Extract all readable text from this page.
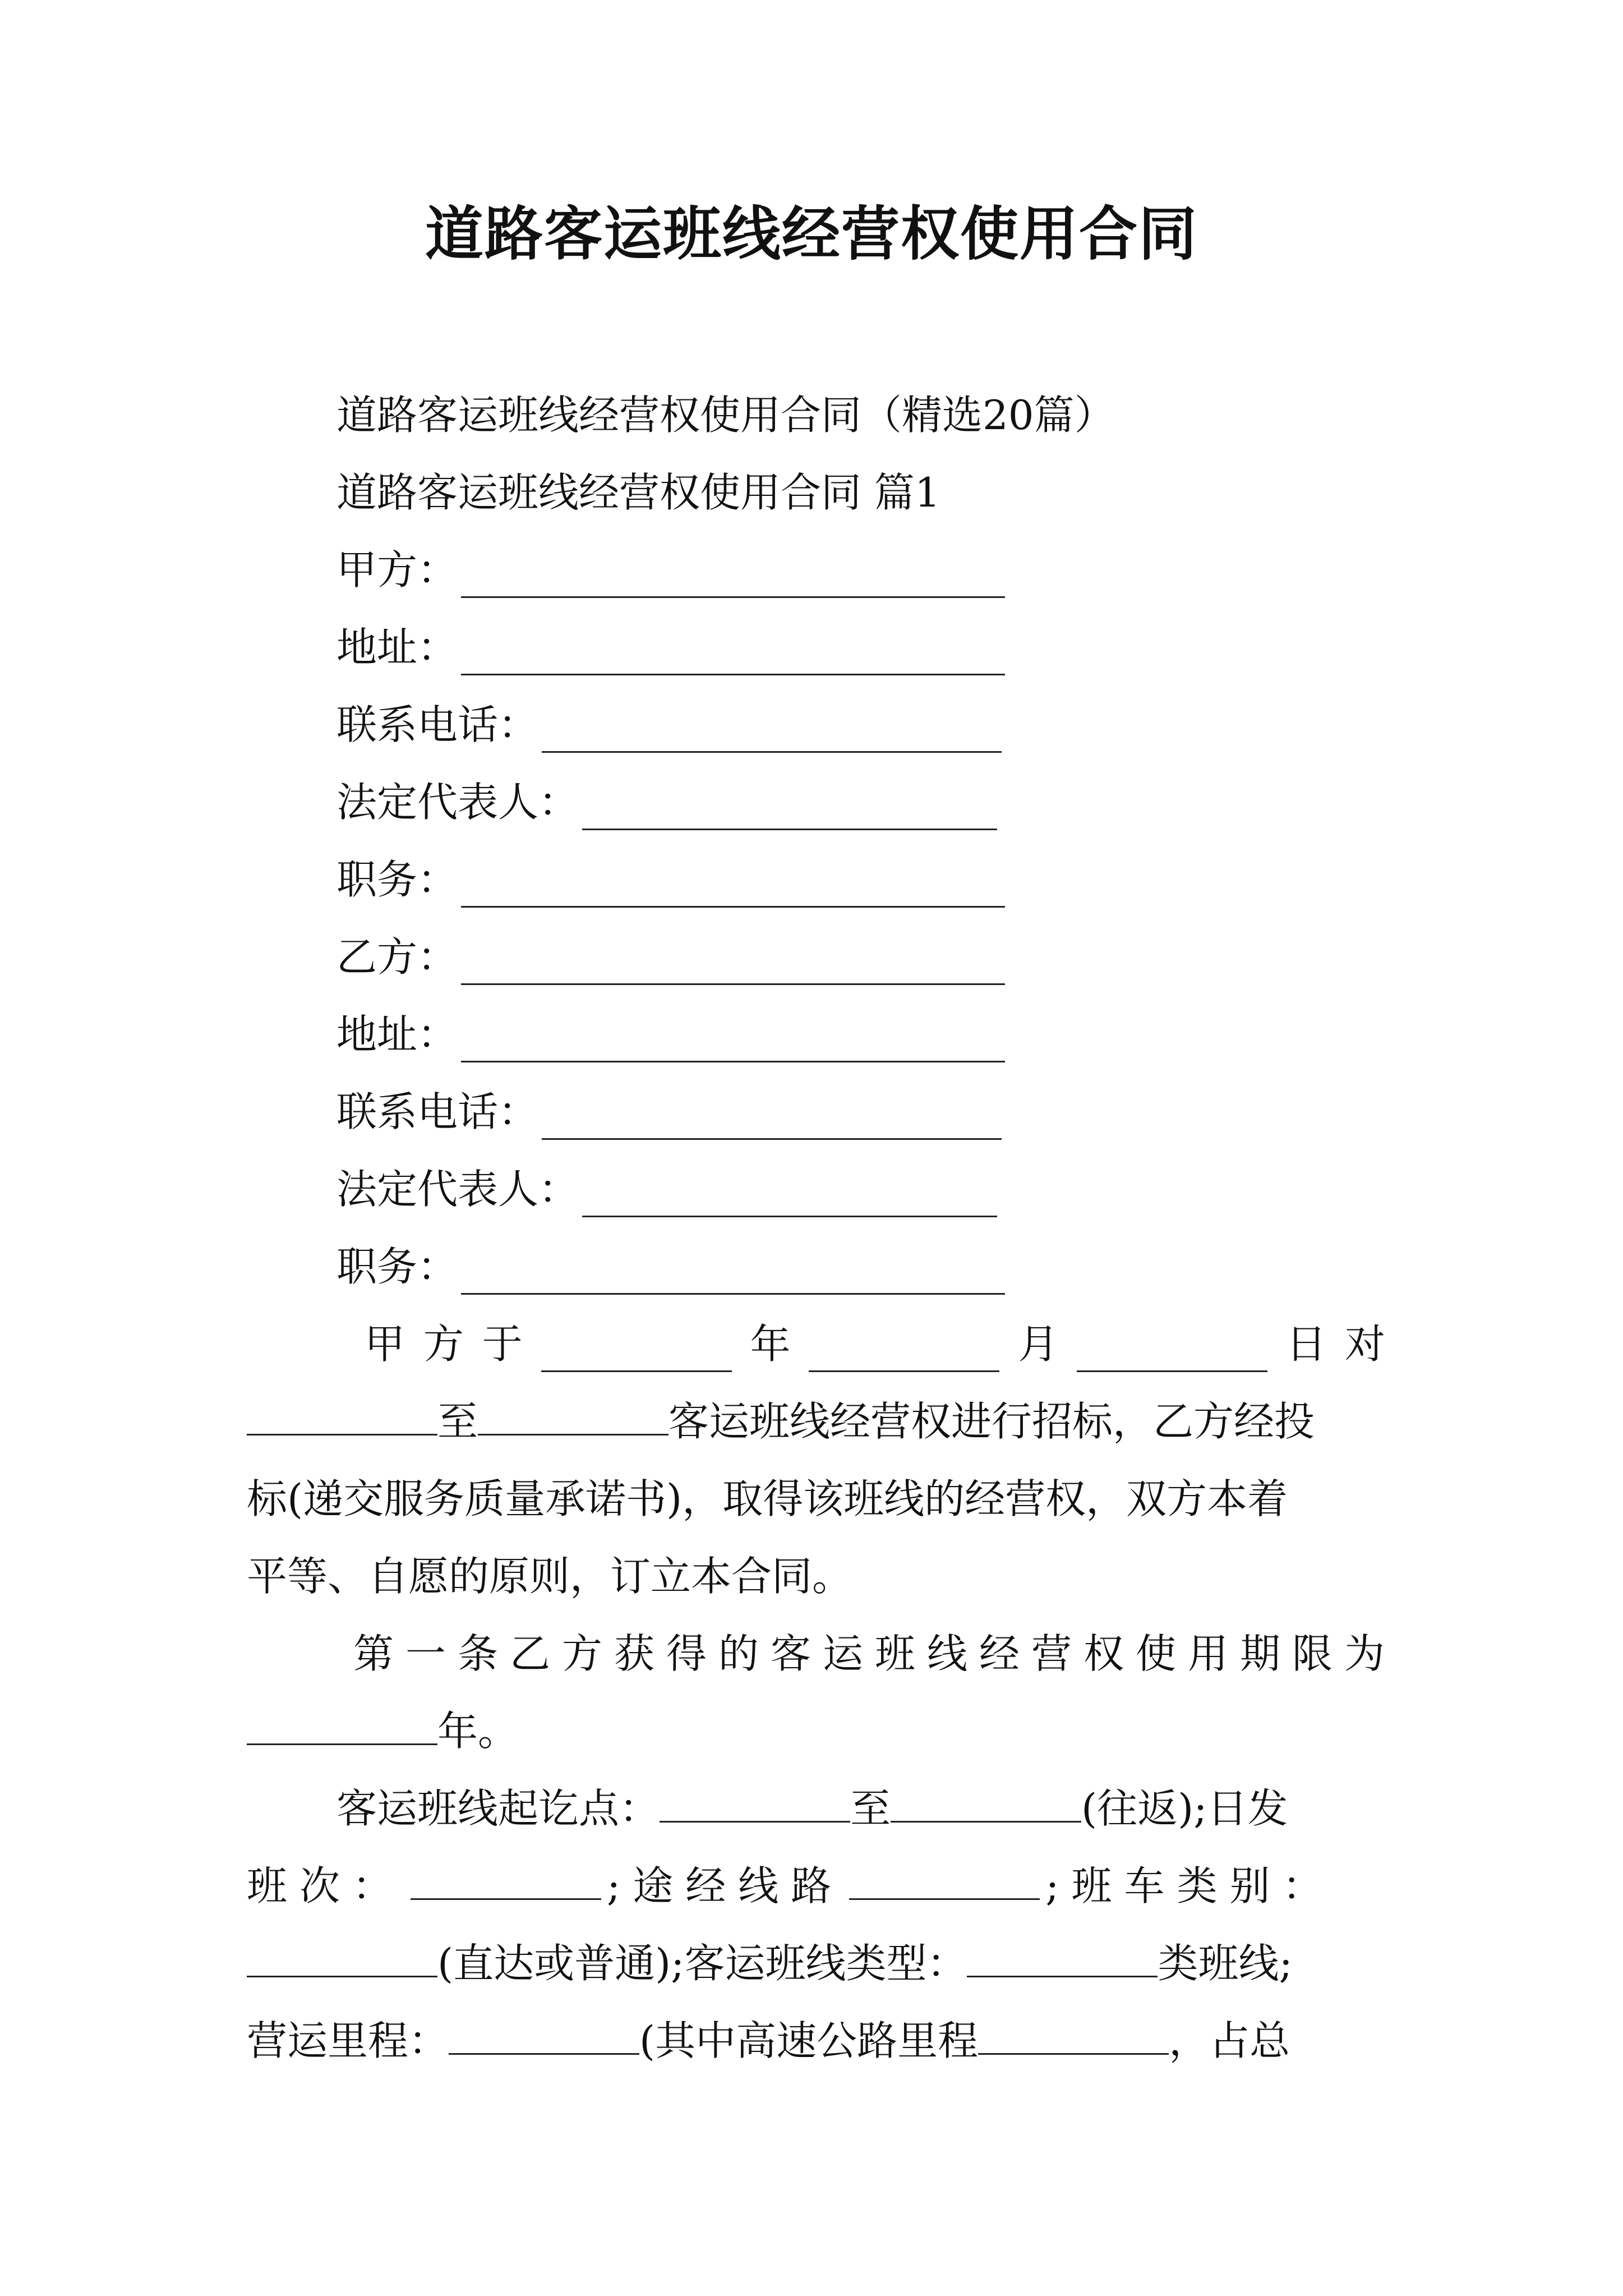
道路客运班线经营权使用合同
道路客运班线经营权使用合同（精选20篇）
道路客运班线经营权使用合同 篇1
甲方：
地址：
联系电话：
法定代表人：
职务：
乙方：
地址：
联系电话：
法定代表人：
职务：
甲 方 于	年	月	日 对
至	客运班线经营权进行招标，乙方经投
标(递交服务质量承诺书)，取得该班线的经营权，双方本着
平等、自愿的原则，订立本合同。
第一条乙方获得的客运班线经营权使用期限为
年。
客运班线起讫点：	至	(往返);日发
班次：	;途经线路	;班车类别：
(直达或普通);客运班线类型：	类班线;
营运里程：	(其中高速公路里程	，占总
